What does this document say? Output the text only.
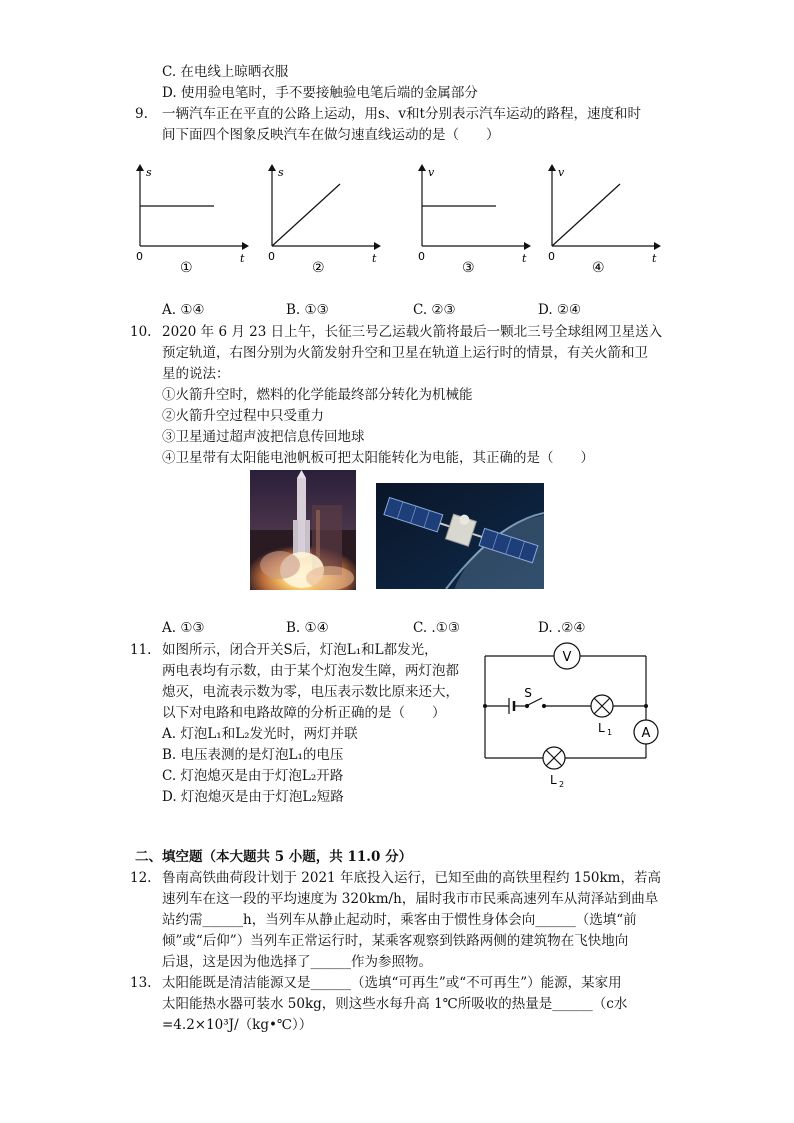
C. 在电线上晾晒衣服
D. 使用验电笔时，手不要接触验电笔后端的金属部分
9. 一辆汽车正在平直的公路上运动，用s、v和t分别表示汽车运动的路程，速度和时
间下面四个图象反映汽车在做匀速直线运动的是（　　）
s
t
0
①
s
t
0
②
v
t
0
③
v
t
0
④
A. ①④	B. ①③	C. ②③	D. ②④
10. 2020 年 6 月 23 日上午，长征三号乙运载火箭将最后一颗北三号全球组网卫星送入
预定轨道，右图分别为火箭发射升空和卫星在轨道上运行时的情景，有关火箭和卫
星的说法：
①火箭升空时，燃料的化学能最终部分转化为机械能
②火箭升空过程中只受重力
③卫星通过超声波把信息传回地球
④卫星带有太阳能电池帆板可把太阳能转化为电能，其正确的是（　　）
A. ①③	B. ①④	C. .①③	D. .②④
11. 如图所示，闭合开关S后，灯泡L₁和L都发光，
两电表均有示数，由于某个灯泡发生障，两灯泡都
熄灭，电流表示数为零，电压表示数比原来还大，
以下对电路和电路故障的分析正确的是（　　）
A. 灯泡L₁和L₂发光时，两灯并联
B. 电压表测的是灯泡L₁的电压
C. 灯泡熄灭是由于灯泡L₂开路
D. 灯泡熄灭是由于灯泡L₂短路
V
A
S
L 1
L 2
二、填空题（本大题共 5 小题，共 11.0 分）
12. 鲁南高铁曲荷段计划于 2021 年底投入运行，已知至曲的高铁里程约 150km，若高
速列车在这一段的平均速度为 320km/h，届时我市市民乘高速列车从菏泽站到曲阜
站约需______h，当列车从静止起动时，乘客由于惯性身体会向______（选填“前
倾”或“后仰”）当列车正常运行时，某乘客观察到铁路两侧的建筑物在飞快地向
后退，这是因为他选择了______作为参照物。
13. 太阳能既是清洁能源又是______（选填“可再生”或“不可再生”）能源，某家用
太阳能热水器可装水 50kg，则这些水每升高 1℃所吸收的热量是______（c水
=4.2×10³J/（kg•℃））
